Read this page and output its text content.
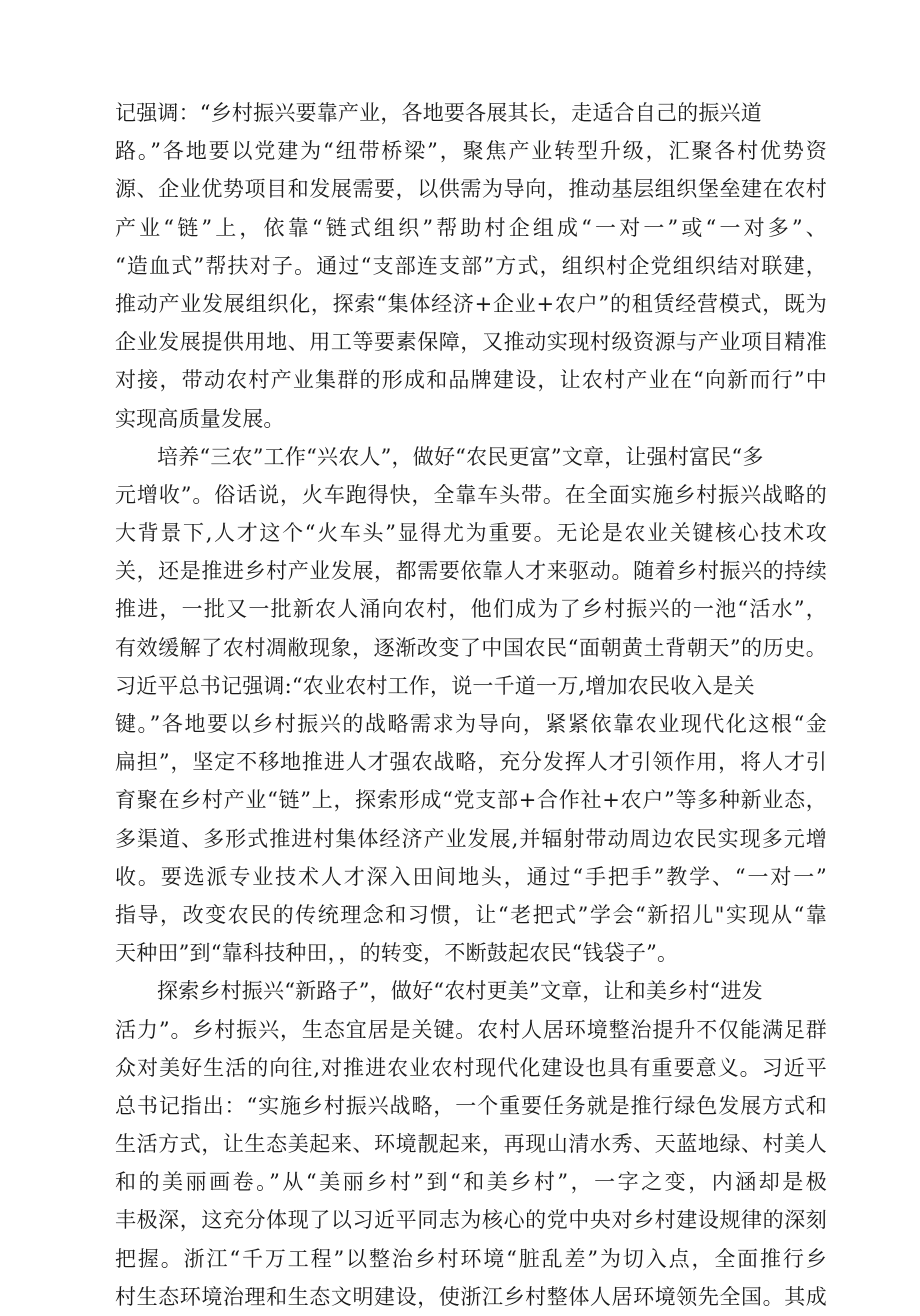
记强调：“乡村振兴要靠产业，各地要各展其长，走适合自己的振兴道
路。”各地要以党建为“纽带桥梁”，聚焦产业转型升级，汇聚各村优势资
源、企业优势项目和发展需要，以供需为导向，推动基层组织堡垒建在农村
产业“链”上，依靠“链式组织”帮助村企组成“一对一”或“一对多”、
“造血式”帮扶对子。通过“支部连支部”方式，组织村企党组织结对联建，
推动产业发展组织化，探索“集体经济+企业+农户”的租赁经营模式，既为
企业发展提供用地、用工等要素保障，又推动实现村级资源与产业项目精准
对接，带动农村产业集群的形成和品牌建设，让农村产业在“向新而行”中
实现高质量发展。
培养“三农”工作“兴农人”，做好“农民更富”文章，让强村富民“多
元增收”。俗话说，火车跑得快，全靠车头带。在全面实施乡村振兴战略的
大背景下,人才这个“火车头”显得尤为重要。无论是农业关键核心技术攻
关，还是推进乡村产业发展，都需要依靠人才来驱动。随着乡村振兴的持续
推进，一批又一批新农人涌向农村，他们成为了乡村振兴的一池“活水”，
有效缓解了农村凋敝现象，逐渐改变了中国农民“面朝黄土背朝天”的历史。
习近平总书记强调:“农业农村工作，说一千道一万,增加农民收入是关
键。”各地要以乡村振兴的战略需求为导向，紧紧依靠农业现代化这根“金
扁担”，坚定不移地推进人才强农战略，充分发挥人才引领作用，将人才引
育聚在乡村产业“链”上，探索形成“党支部+合作社+农户”等多种新业态，
多渠道、多形式推进村集体经济产业发展,并辐射带动周边农民实现多元增
收。要选派专业技术人才深入田间地头，通过“手把手”教学、“一对一”
指导，改变农民的传统理念和习惯，让“老把式”学会“新招儿"实现从“靠
天种田”到“靠科技种田，，的转变，不断鼓起农民“钱袋子”。
探索乡村振兴“新路子”，做好“农村更美”文章，让和美乡村“进发
活力”。乡村振兴，生态宜居是关键。农村人居环境整治提升不仅能满足群
众对美好生活的向往,对推进农业农村现代化建设也具有重要意义。习近平
总书记指出：“实施乡村振兴战略，一个重要任务就是推行绿色发展方式和
生活方式，让生态美起来、环境靓起来，再现山清水秀、天蓝地绿、村美人
和的美丽画卷。”从“美丽乡村”到“和美乡村”，一字之变，内涵却是极
丰极深，这充分体现了以习近平同志为核心的党中央对乡村建设规律的深刻
把握。浙江“千万工程”以整治乡村环境“脏乱差”为切入点，全面推行乡
村生态环境治理和生态文明建设，使浙江乡村整体人居环境领先全国。其成
